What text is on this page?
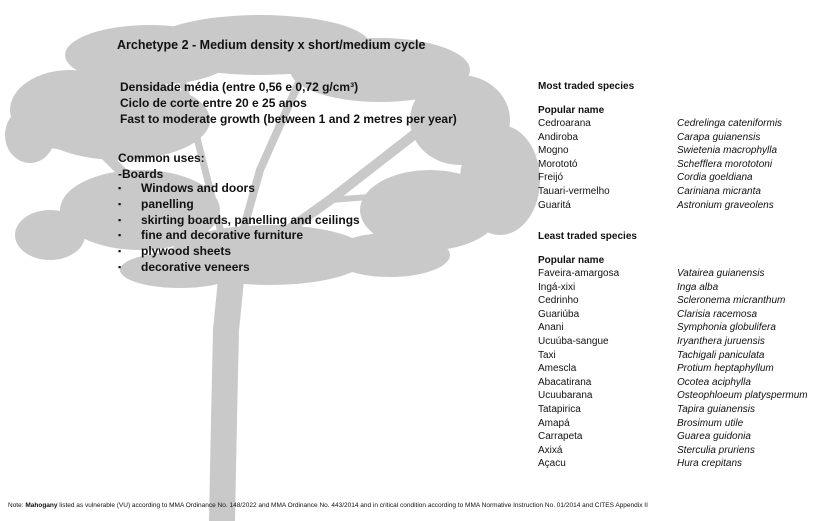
Archetype 2 - Medium density x short/medium cycle
Densidade média (entre 0,56 e 0,72 g/cm³)
Ciclo de corte entre 20 e 25 anos
Fast to moderate growth (between 1 and 2 metres per year)
Common uses:
-Boards
▪	Windows and doors
▪	panelling
▪	skirting boards, panelling and ceilings
▪	fine and decorative furniture
▪	plywood sheets
▪	decorative veneers
Most traded species
Popular name
Cedroarana	Cedrelinga cateniformis
Andiroba	Carapa guianensis
Mogno	Swietenia macrophylla
Morototó	Schefflera morototoni
Freijó	Cordia goeldiana
Tauari-vermelho	Cariniana micranta
Guaritá	Astronium graveolens
Least traded species
Popular name
Faveira-amargosa	Vatairea guianensis
Ingá-xixi	Inga alba
Cedrinho	Scleronema micranthum
Guariúba	Clarisia racemosa
Anani	Symphonia globulifera
Ucuúba-sangue	Iryanthera juruensis
Taxi	Tachigali paniculata
Amescla	Protium heptaphyllum
Abacatirana	Ocotea aciphylla
Ucuubarana	Osteophloeum platyspermum
Tatapirica	Tapira guianensis
Amapá	Brosimum utile
Carrapeta	Guarea guidonia
Axixá	Sterculia pruriens
Açacu	Hura crepitans
Note: Mahogany listed as vulnerable (VU) according to MMA Ordinance No. 148/2022 and MMA Ordinance No. 443/2014 and in critical condition according to MMA Normative Instruction No. 01/2014 and CITES Appendix II
